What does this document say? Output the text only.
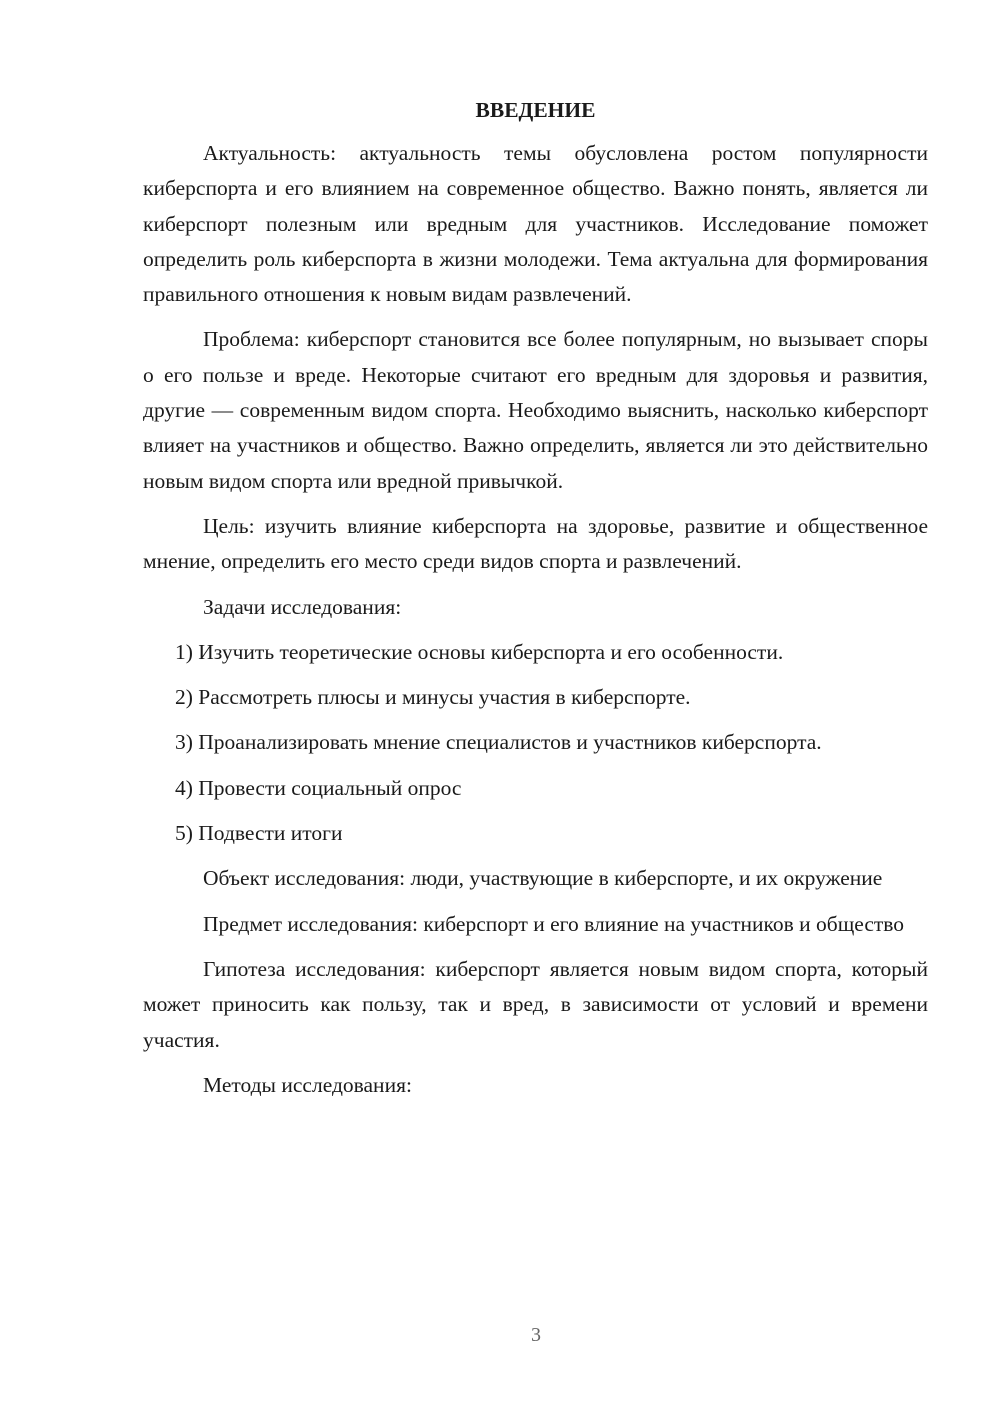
ВВЕДЕНИЕ

Актуальность: актуальность темы обусловлена ростом популярности киберспорта и его влиянием на современное общество. Важно понять, является ли киберспорт полезным или вредным для участников. Исследование поможет определить роль киберспорта в жизни молодежи. Тема актуальна для формирования правильного отношения к новым видам развлечений.

Проблема: киберспорт становится все более популярным, но вызывает споры о его пользе и вреде. Некоторые считают его вредным для здоровья и развития, другие — современным видом спорта. Необходимо выяснить, насколько киберспорт влияет на участников и общество. Важно определить, является ли это действительно новым видом спорта или вредной привычкой.

Цель: изучить влияние киберспорта на здоровье, развитие и общественное мнение, определить его место среди видов спорта и развлечений.

Задачи исследования:

1) Изучить теоретические основы киберспорта и его особенности.
2) Рассмотреть плюсы и минусы участия в киберспорте.
3) Проанализировать мнение специалистов и участников киберспорта.
4) Провести социальный опрос
5) Подвести итоги

Объект исследования: люди, участвующие в киберспорте, и их окружение

Предмет исследования: киберспорт и его влияние на участников и общество

Гипотеза исследования: киберспорт является новым видом спорта, который может приносить как пользу, так и вред, в зависимости от условий и времени участия.

Методы исследования:

3
